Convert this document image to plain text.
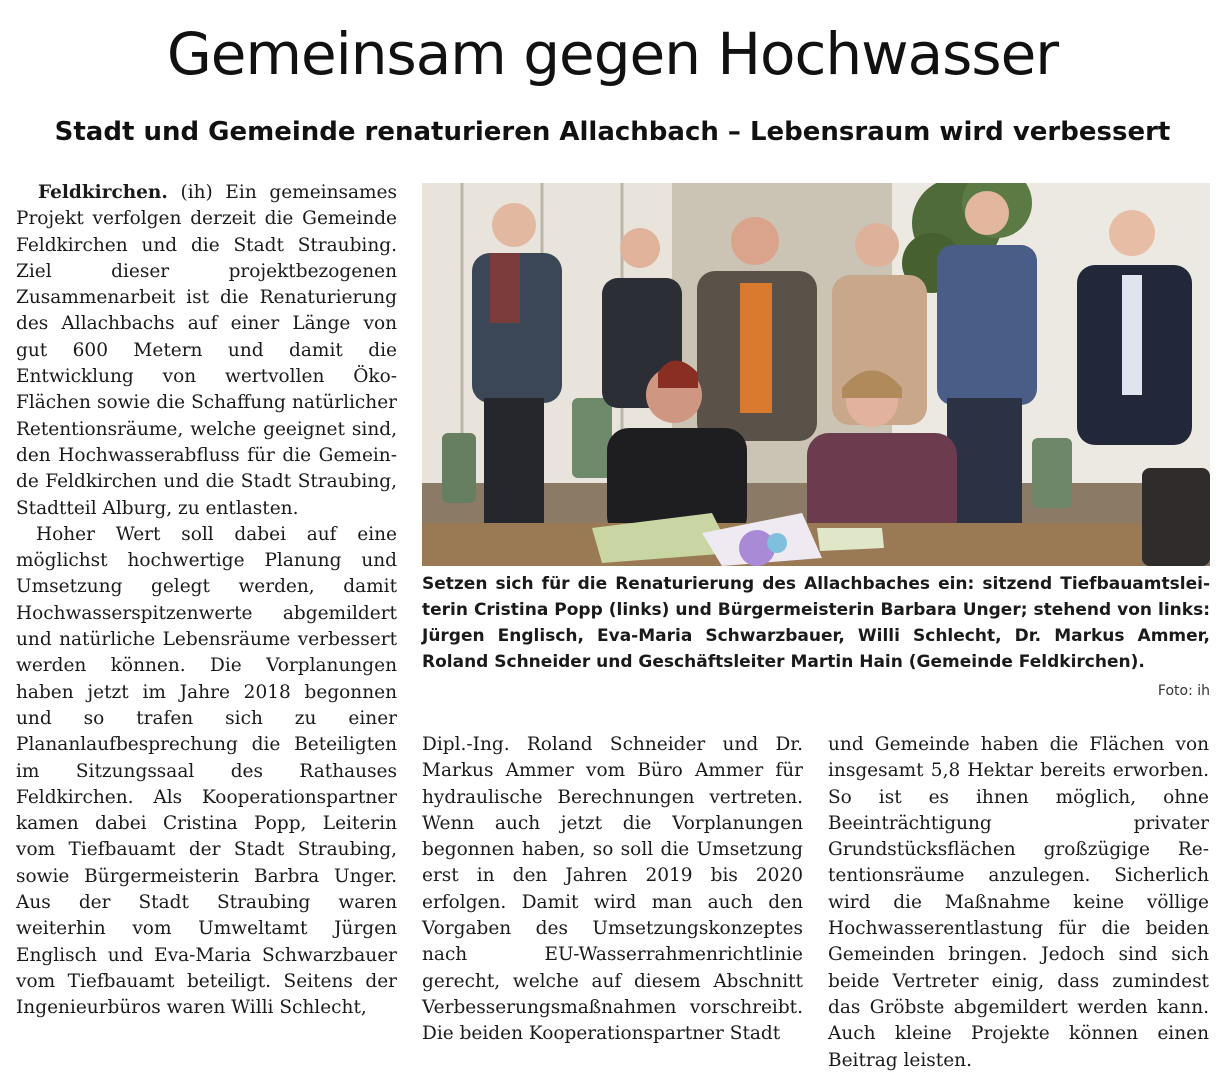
Gemeinsam gegen Hochwasser
Stadt und Gemeinde renaturieren Allachbach – Lebensraum wird verbessert

Feldkirchen. (ih) Ein gemeinsames Projekt verfolgen derzeit die Gemeinde Feldkirchen und die Stadt Straubing. Ziel dieser projektbezogenen Zusammenarbeit ist die Renaturierung des Allachbachs auf einer Länge von gut 600 Metern und damit die Entwicklung von wertvollen Öko-Flächen sowie die Schaffung natürlicher Retentionsräume, welche geeignet sind, den Hochwasserabfluss für die Gemeinde Feldkirchen und die Stadt Straubing, Stadtteil Alburg, zu entlasten.

Hoher Wert soll dabei auf eine möglichst hochwertige Planung und Umsetzung gelegt werden, damit Hochwasserspitzenwerte abgemildert und natürliche Lebensräume verbessert werden können. Die Vorplanungen haben jetzt im Jahre 2018 begonnen und so trafen sich zu einer Plananlaufbesprechung die Beteiligten im Sitzungssaal des Rathauses Feldkirchen. Als Kooperationspartner kamen dabei Cristina Popp, Leiterin vom Tiefbauamt der Stadt Straubing, sowie Bürgermeisterin Barbra Unger. Aus der Stadt Straubing waren weiterhin vom Umweltamt Jürgen Englisch und Eva-Maria Schwarzbauer vom Tiefbauamt beteiligt. Seitens der Ingenieurbüros waren Willi Schlecht,

Setzen sich für die Renaturierung des Allachbaches ein: sitzend Tiefbauamtsleiterin Cristina Popp (links) und Bürgermeisterin Barbara Unger; stehend von links: Jürgen Englisch, Eva-Maria Schwarzbauer, Willi Schlecht, Dr. Markus Ammer, Roland Schneider und Geschäftsleiter Martin Hain (Gemeinde Feldkirchen).
Foto: ih

Dipl.-Ing. Roland Schneider und Dr. Markus Ammer vom Büro Ammer für hydraulische Berechnungen vertreten. Wenn auch jetzt die Vorplanungen begonnen haben, so soll die Umsetzung erst in den Jahren 2019 bis 2020 erfolgen. Damit wird man auch den Vorgaben des Umsetzungskonzeptes nach EU-Wasserrahmenrichtlinie gerecht, welche auf diesem Abschnitt Verbesserungsmaßnahmen vorschreibt. Die beiden Kooperationspartner Stadt

und Gemeinde haben die Flächen von insgesamt 5,8 Hektar bereits erworben. So ist es ihnen möglich, ohne Beeinträchtigung privater Grundstücksflächen großzügige Retentionsräume anzulegen. Sicherlich wird die Maßnahme keine völlige Hochwasserentlastung für die beiden Gemeinden bringen. Jedoch sind sich beide Vertreter einig, dass zumindest das Gröbste abgemildert werden kann. Auch kleine Projekte können einen Beitrag leisten.
